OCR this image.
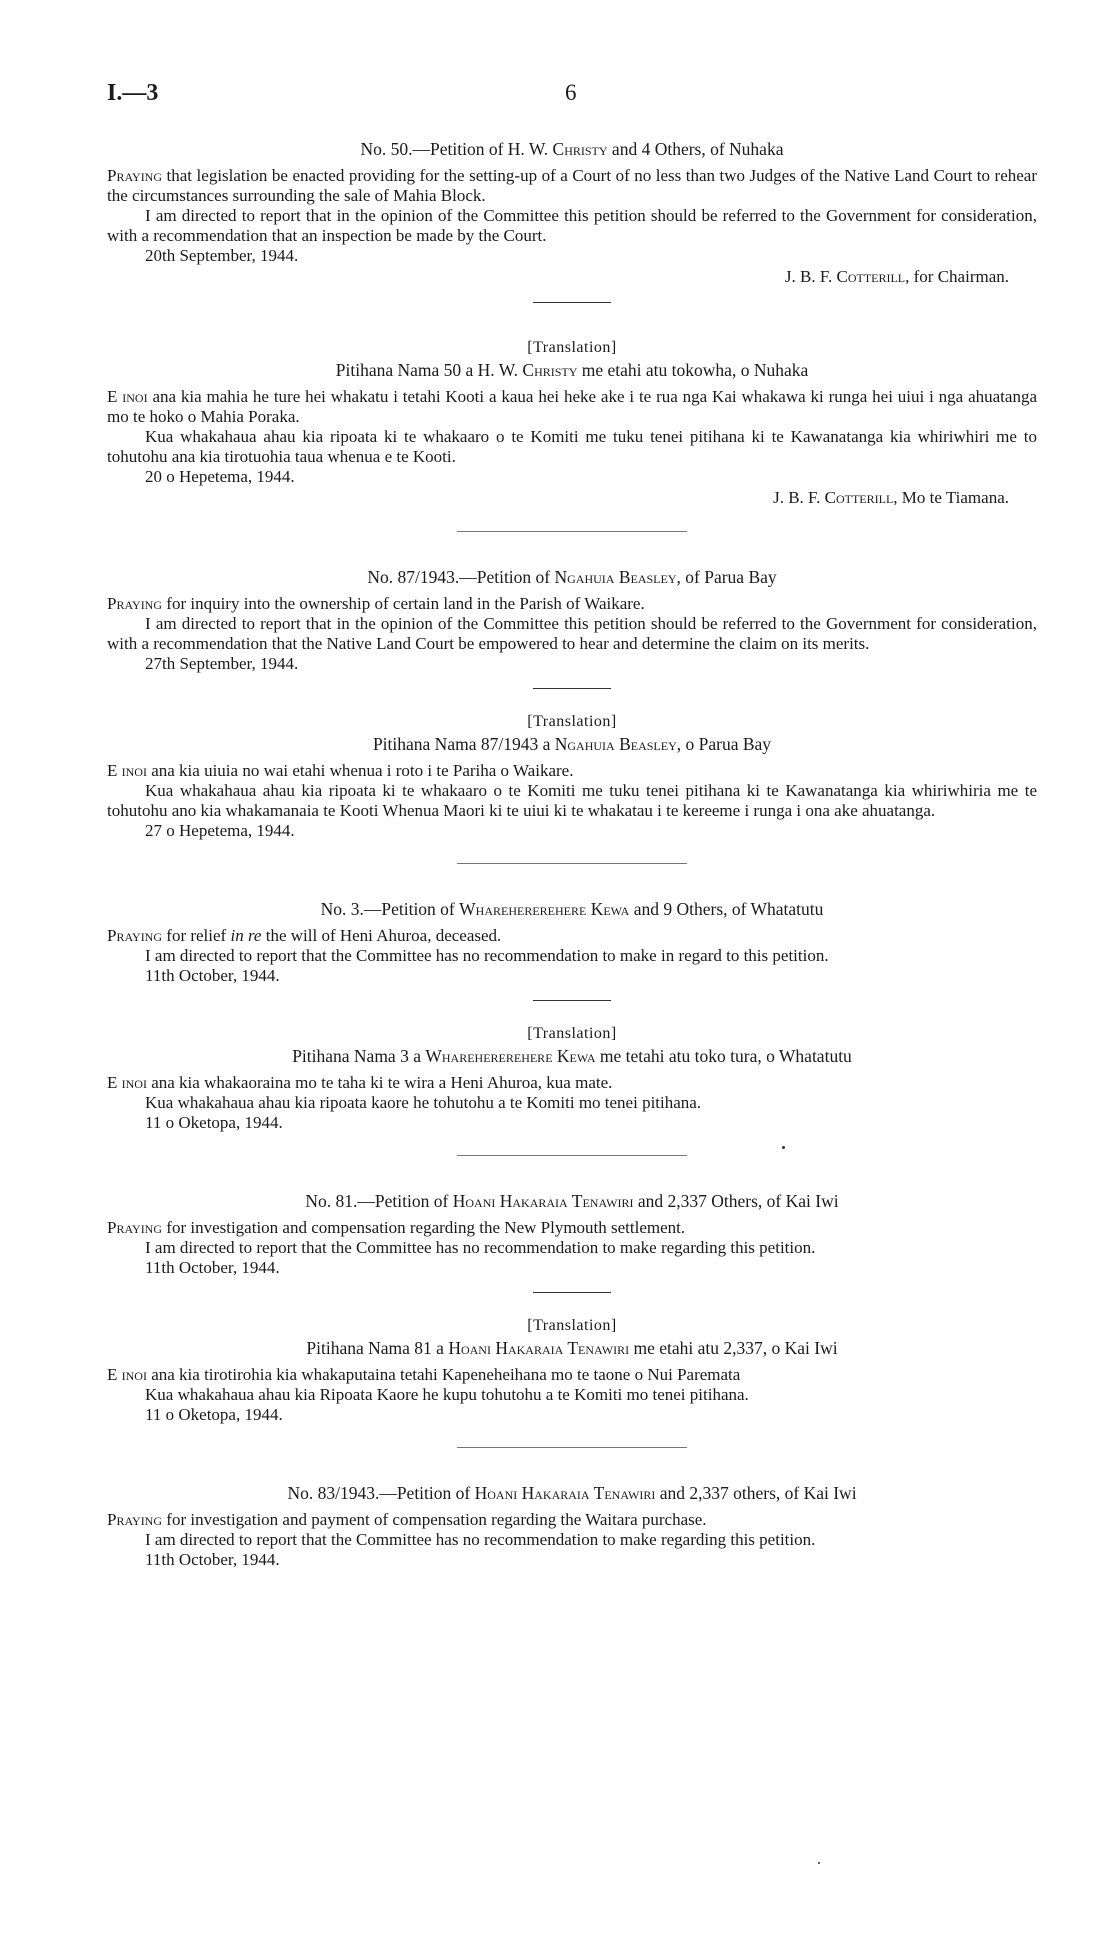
I.—3	6

No. 50.—Petition of H. W. Christy and 4 Others, of Nuhaka

Praying that legislation be enacted providing for the setting-up of a Court of no less than two Judges of the Native Land Court to rehear the circumstances surrounding the sale of Mahia Block.

I am directed to report that in the opinion of the Committee this petition should be referred to the Government for consideration, with a recommendation that an inspection be made by the Court.

20th September, 1944.

J. B. F. Cotterill, for Chairman.

[Translation]

Pitihana Nama 50 a H. W. Christy me etahi atu tokowha, o Nuhaka

E inoi ana kia mahia he ture hei whakatu i tetahi Kooti a kaua hei heke ake i te rua nga Kai whakawa ki runga hei uiui i nga ahuatanga mo te hoko o Mahia Poraka.

Kua whakahaua ahau kia ripoata ki te whakaaro o te Komiti me tuku tenei pitihana ki te Kawanatanga kia whiriwhiri me to tohutohu ana kia tirotuohia taua whenua e te Kooti.

20 o Hepetema, 1944.

J. B. F. Cotterill, Mo te Tiamana.

No. 87/1943.—Petition of Ngahuia Beasley, of Parua Bay

Praying for inquiry into the ownership of certain land in the Parish of Waikare.

I am directed to report that in the opinion of the Committee this petition should be referred to the Government for consideration, with a recommendation that the Native Land Court be empowered to hear and determine the claim on its merits.

27th September, 1944.

[Translation]

Pitihana Nama 87/1943 a Ngahuia Beasley, o Parua Bay

E inoi ana kia uiuia no wai etahi whenua i roto i te Pariha o Waikare.

Kua whakahaua ahau kia ripoata ki te whakaaro o te Komiti me tuku tenei pitihana ki te Kawanatanga kia whiriwhiria me te tohutohu ano kia whakamanaia te Kooti Whenua Maori ki te uiui ki te whakatau i te kereeme i runga i ona ake ahuatanga.

27 o Hepetema, 1944.

No. 3.—Petition of Wharehererehere Kewa and 9 Others, of Whatatutu

Praying for relief in re the will of Heni Ahuroa, deceased.

I am directed to report that the Committee has no recommendation to make in regard to this petition.

11th October, 1944.

[Translation]

Pitihana Nama 3 a Wharehererehere Kewa me tetahi atu toko tura, o Whatatutu

E inoi ana kia whakaoraina mo te taha ki te wira a Heni Ahuroa, kua mate.

Kua whakahaua ahau kia ripoata kaore he tohutohu a te Komiti mo tenei pitihana.

11 o Oketopa, 1944.

No. 81.—Petition of Hoani Hakaraia Tenawiri and 2,337 Others, of Kai Iwi

Praying for investigation and compensation regarding the New Plymouth settlement.

I am directed to report that the Committee has no recommendation to make regarding this petition.

11th October, 1944.

[Translation]

Pitihana Nama 81 a Hoani Hakaraia Tenawiri me etahi atu 2,337, o Kai Iwi

E inoi ana kia tirotirohia kia whakaputaina tetahi Kapeneheihana mo te taone o Nui Paremata

Kua whakahaua ahau kia Ripoata Kaore he kupu tohutohu a te Komiti mo tenei pitihana.

11 o Oketopa, 1944.

No. 83/1943.—Petition of Hoani Hakaraia Tenawiri and 2,337 others, of Kai Iwi

Praying for investigation and payment of compensation regarding the Waitara purchase.

I am directed to report that the Committee has no recommendation to make regarding this petition.

11th October, 1944.
